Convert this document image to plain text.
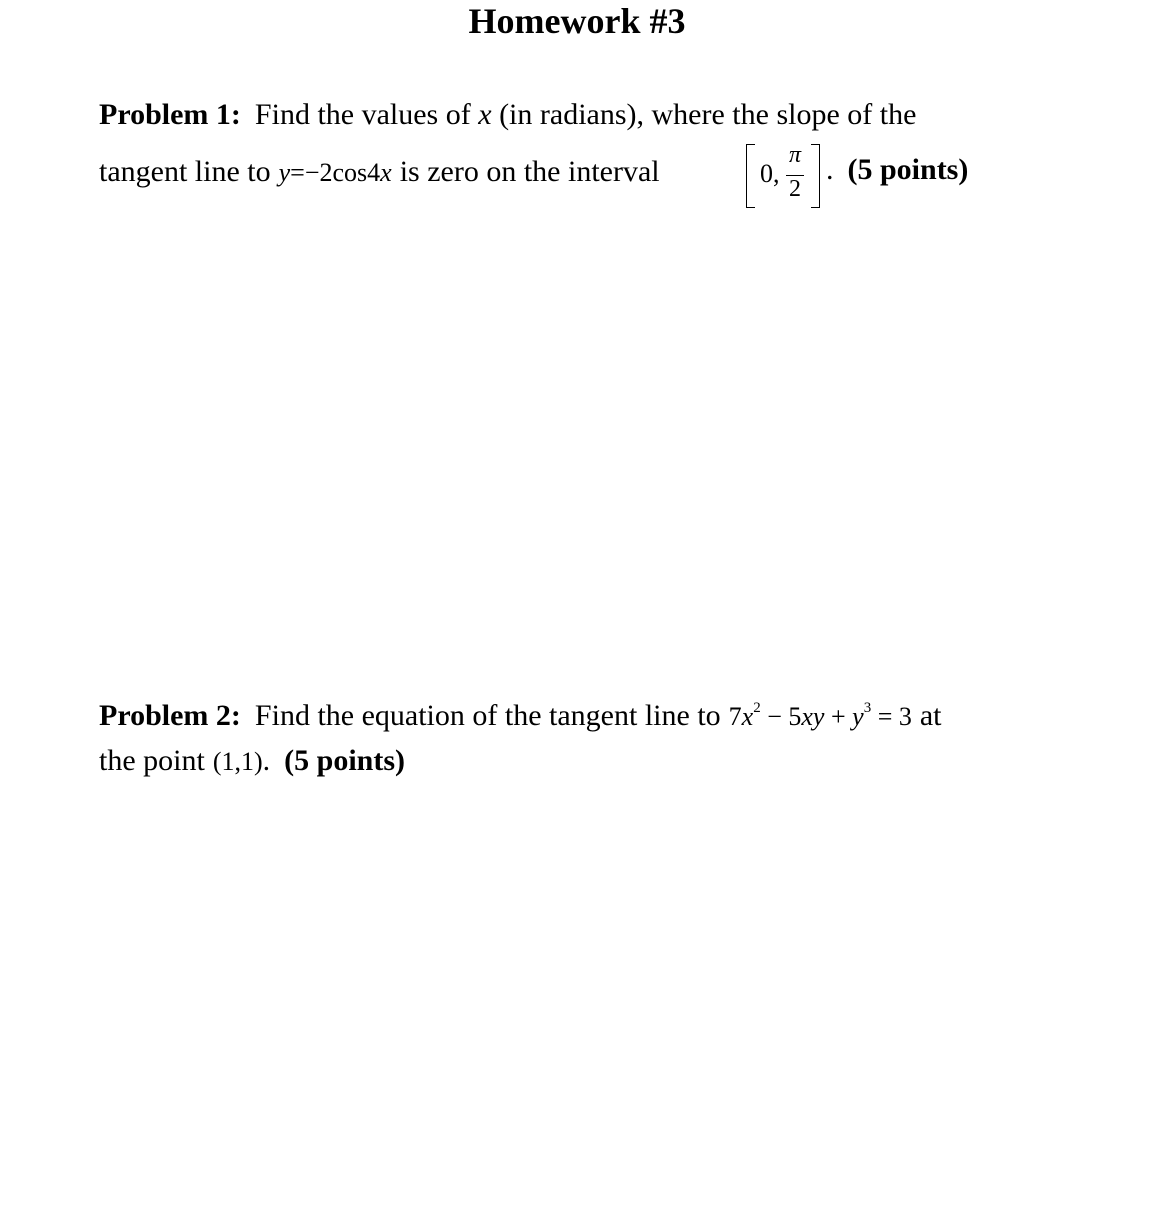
Homework #3
Problem 1: Find the values of x (in radians), where the slope of the
tangent line to y=−2cos4x is zero on the interval	0,
π
2
. (5 points)
Problem 2: Find the equation of the tangent line to $7x^2 - 5xy + y^3 = 3$ at
the point (1,1). (5 points)
